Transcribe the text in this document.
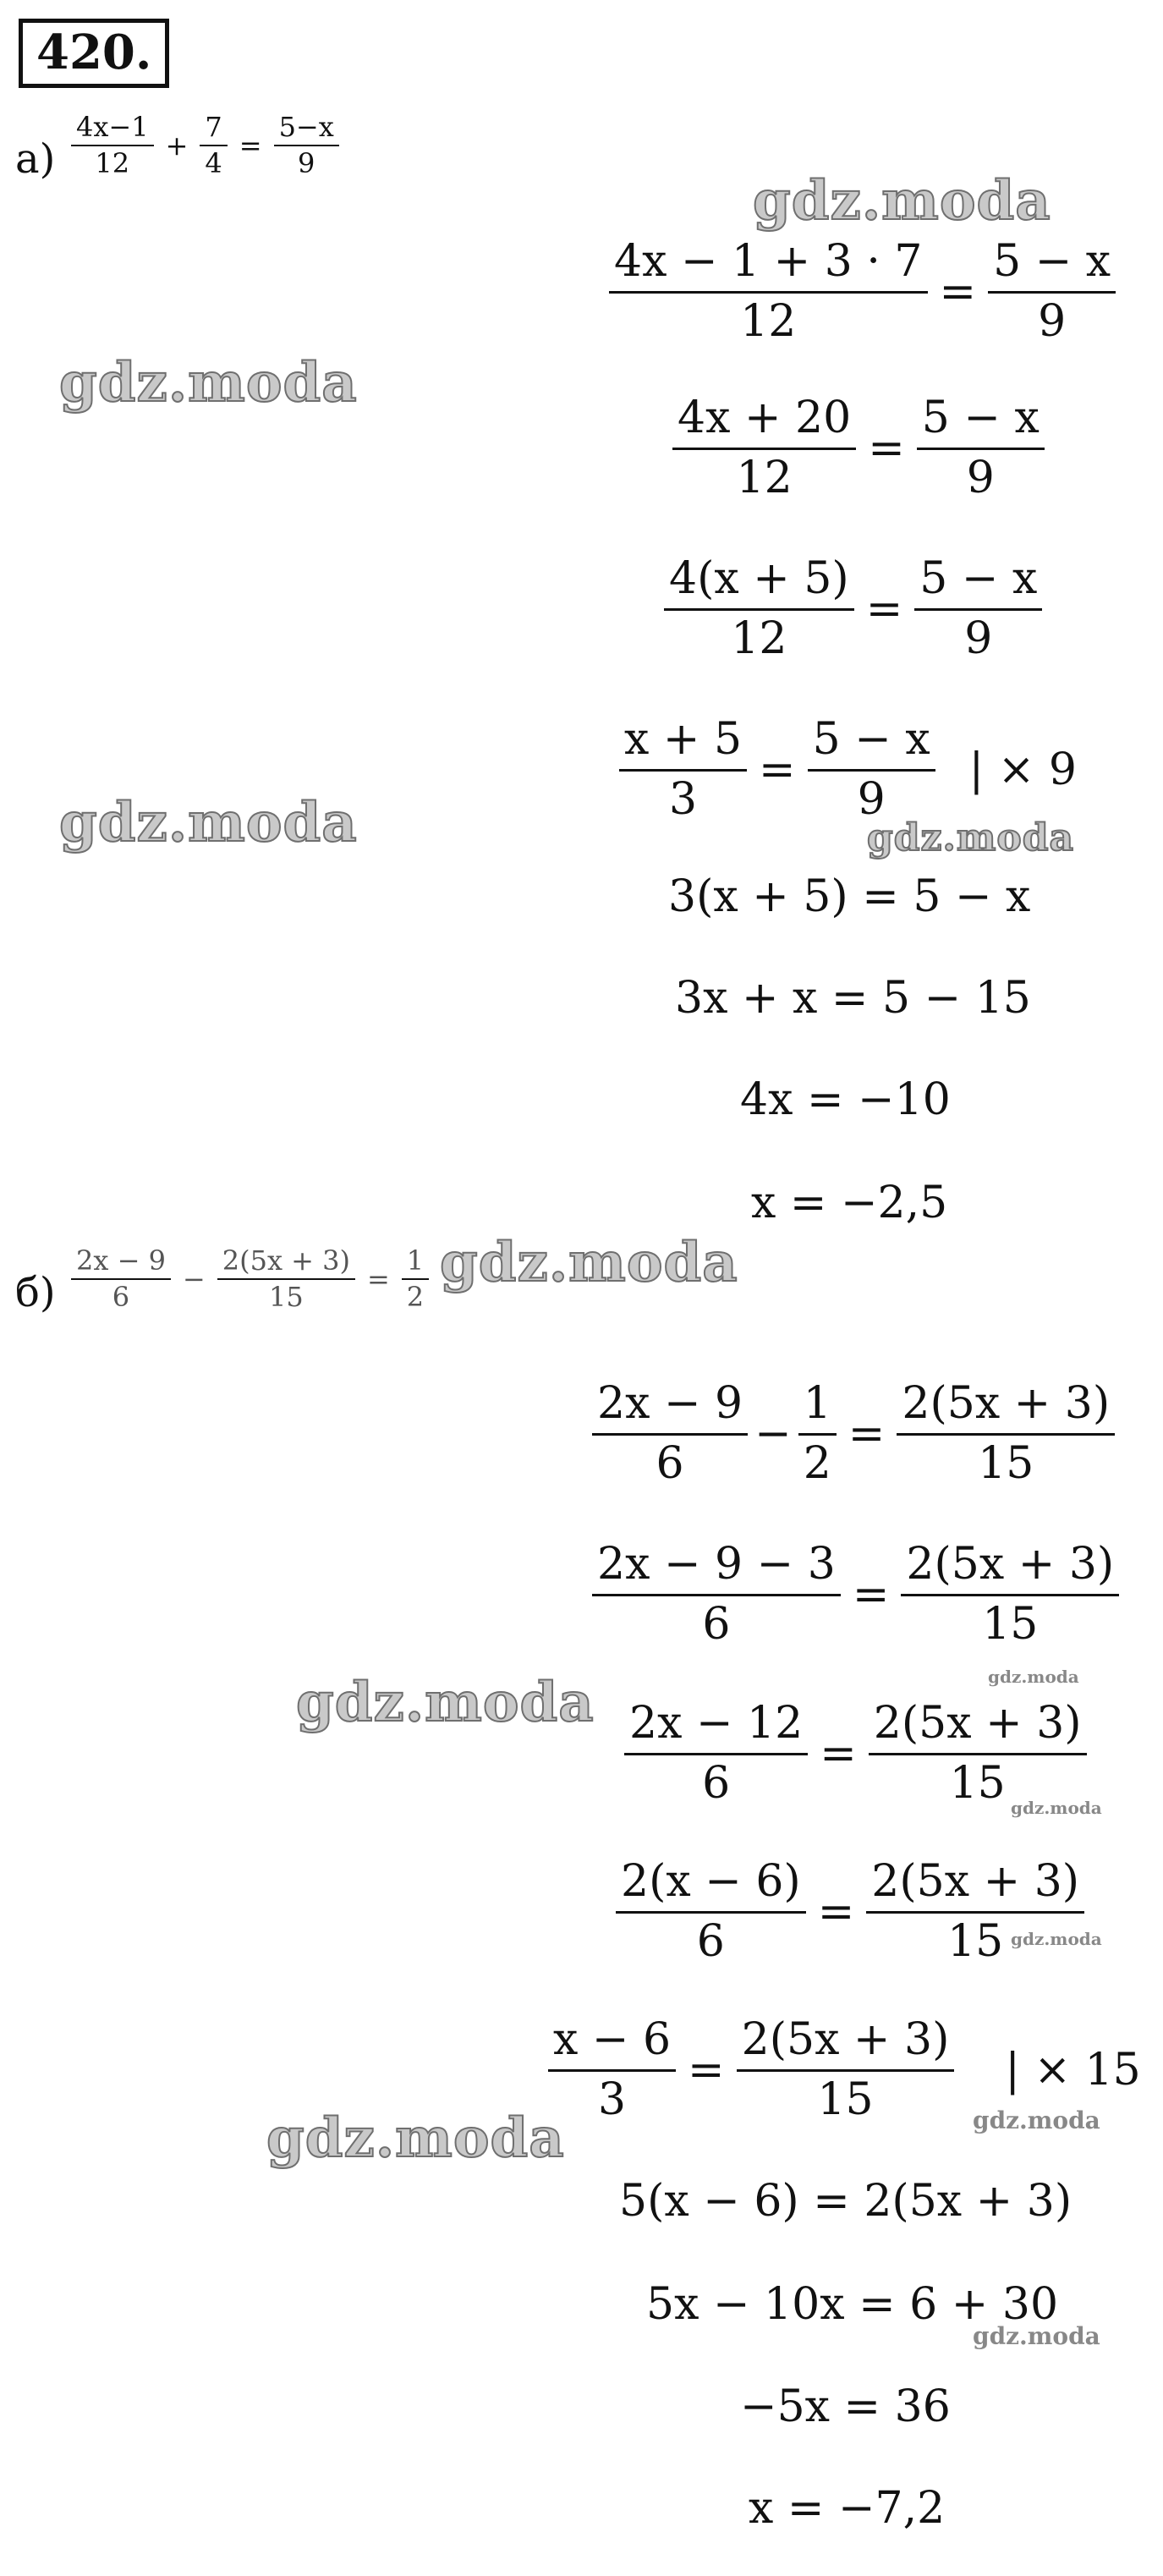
420.
$а) \frac{4x-1}{12} + \frac{7}{4} = \frac{5-x}{9}$
$\frac{4x - 1 + 3 \cdot 7}{12} = \frac{5 - x}{9}$
$\frac{4x + 20}{12} = \frac{5 - x}{9}$
$\frac{4(x + 5)}{12} = \frac{5 - x}{9}$
$\frac{x + 5}{3} = \frac{5 - x}{9}$ | × 9
3(x + 5) = 5 − x
3x + x = 5 − 15
4x = −10
x = −2,5
$б) \frac{2x - 9}{6} - \frac{2(5x + 3)}{15} = \frac{1}{2}$
$\frac{2x - 9}{6} - \frac{1}{2} = \frac{2(5x + 3)}{15}$
$\frac{2x - 9 - 3}{6} = \frac{2(5x + 3)}{15}$
$\frac{2x - 12}{6} = \frac{2(5x + 3)}{15}$
$\frac{2(x - 6)}{6} = \frac{2(5x + 3)}{15}$
$\frac{x - 6}{3} = \frac{2(5x + 3)}{15}$	| × 15
5(x − 6) = 2(5x + 3)
5x − 10x = 6 + 30
−5x = 36
x = −7,2
gdz.moda
gdz.moda
gdz.moda	gdz.moda
gdz.moda
gdz.moda
gdz.moda
gdz.moda
gdz.moda
gdz.moda
gdz.moda
gdz.moda
